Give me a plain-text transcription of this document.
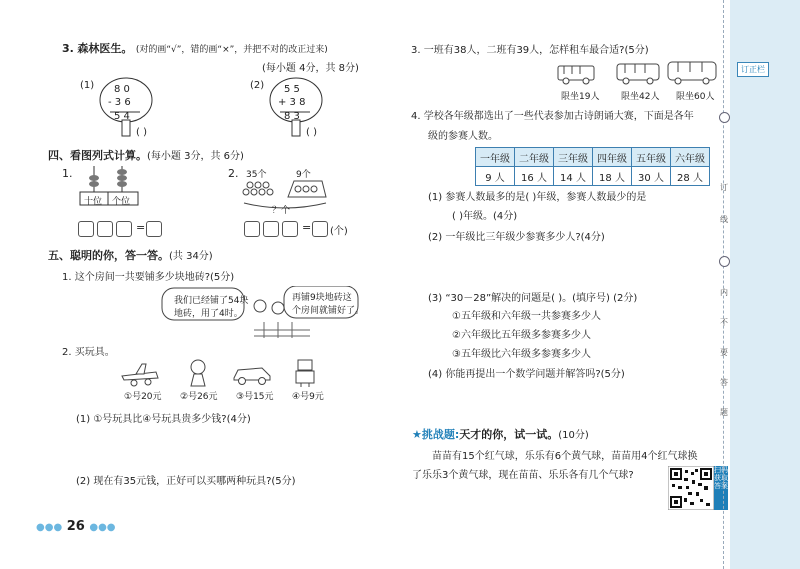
3. 森林医生。 (对的画“√”，错的画“×”，并把不对的改正过来)
(每小题 4分，共 8分)
(1) 8 0
- 3 6
5 4
( )
(2) 5 5
+ 3 8
8 3
( )
四、看图列式计算。(每小题 3分，共 6分)
1.
十位 个位
=
2. 35个	9个
？个
= (个)
五、聪明的你，答一答。(共 34分)
1. 这个房间一共要铺多少块地砖?(5分)
我们已经铺了54块
地砖，用了4时。
再铺9块地砖这
个房间就铺好了。
2. 买玩具。
①号20元 ②号26元 ③号15元 ④号9元
(1) ①号玩具比④号玩具贵多少钱?(4分)
(2) 现在有35元钱，正好可以买哪两种玩具?(5分)
●●● 26 ●●●
3. 一班有38人，二班有39人，怎样租车最合适?(5分)
限坐19人 限坐42人 限坐60人
4. 学校各年级都选出了一些代表参加古诗朗诵大赛，下面是各年
级的参赛人数。
一年级	二年级	三年级	四年级	五年级	六年级
9 人	16 人	14 人	18 人	30 人	28 人
(1) 参赛人数最多的是( )年级，参赛人数最少的是
( )年级。(4分)
(2) 一年级比三年级少参赛多少人?(4分)
(3) “30－28”解决的问题是( )。(填序号) (2分)
①五年级和六年级一共参赛多少人
②六年级比五年级多参赛多少人
③五年级比六年级多参赛多少人
(4) 你能再提出一个数学问题并解答吗?(5分)
★挑战题:天才的你，试一试。(10分)
苗苗有15个红气球，乐乐有6个黄气球，苗苗用4个红气球换
了乐乐3个黄气球，现在苗苗、乐乐各有几个气球?	扫码获取答案
订
线
内
不
要
答
题
订正栏
